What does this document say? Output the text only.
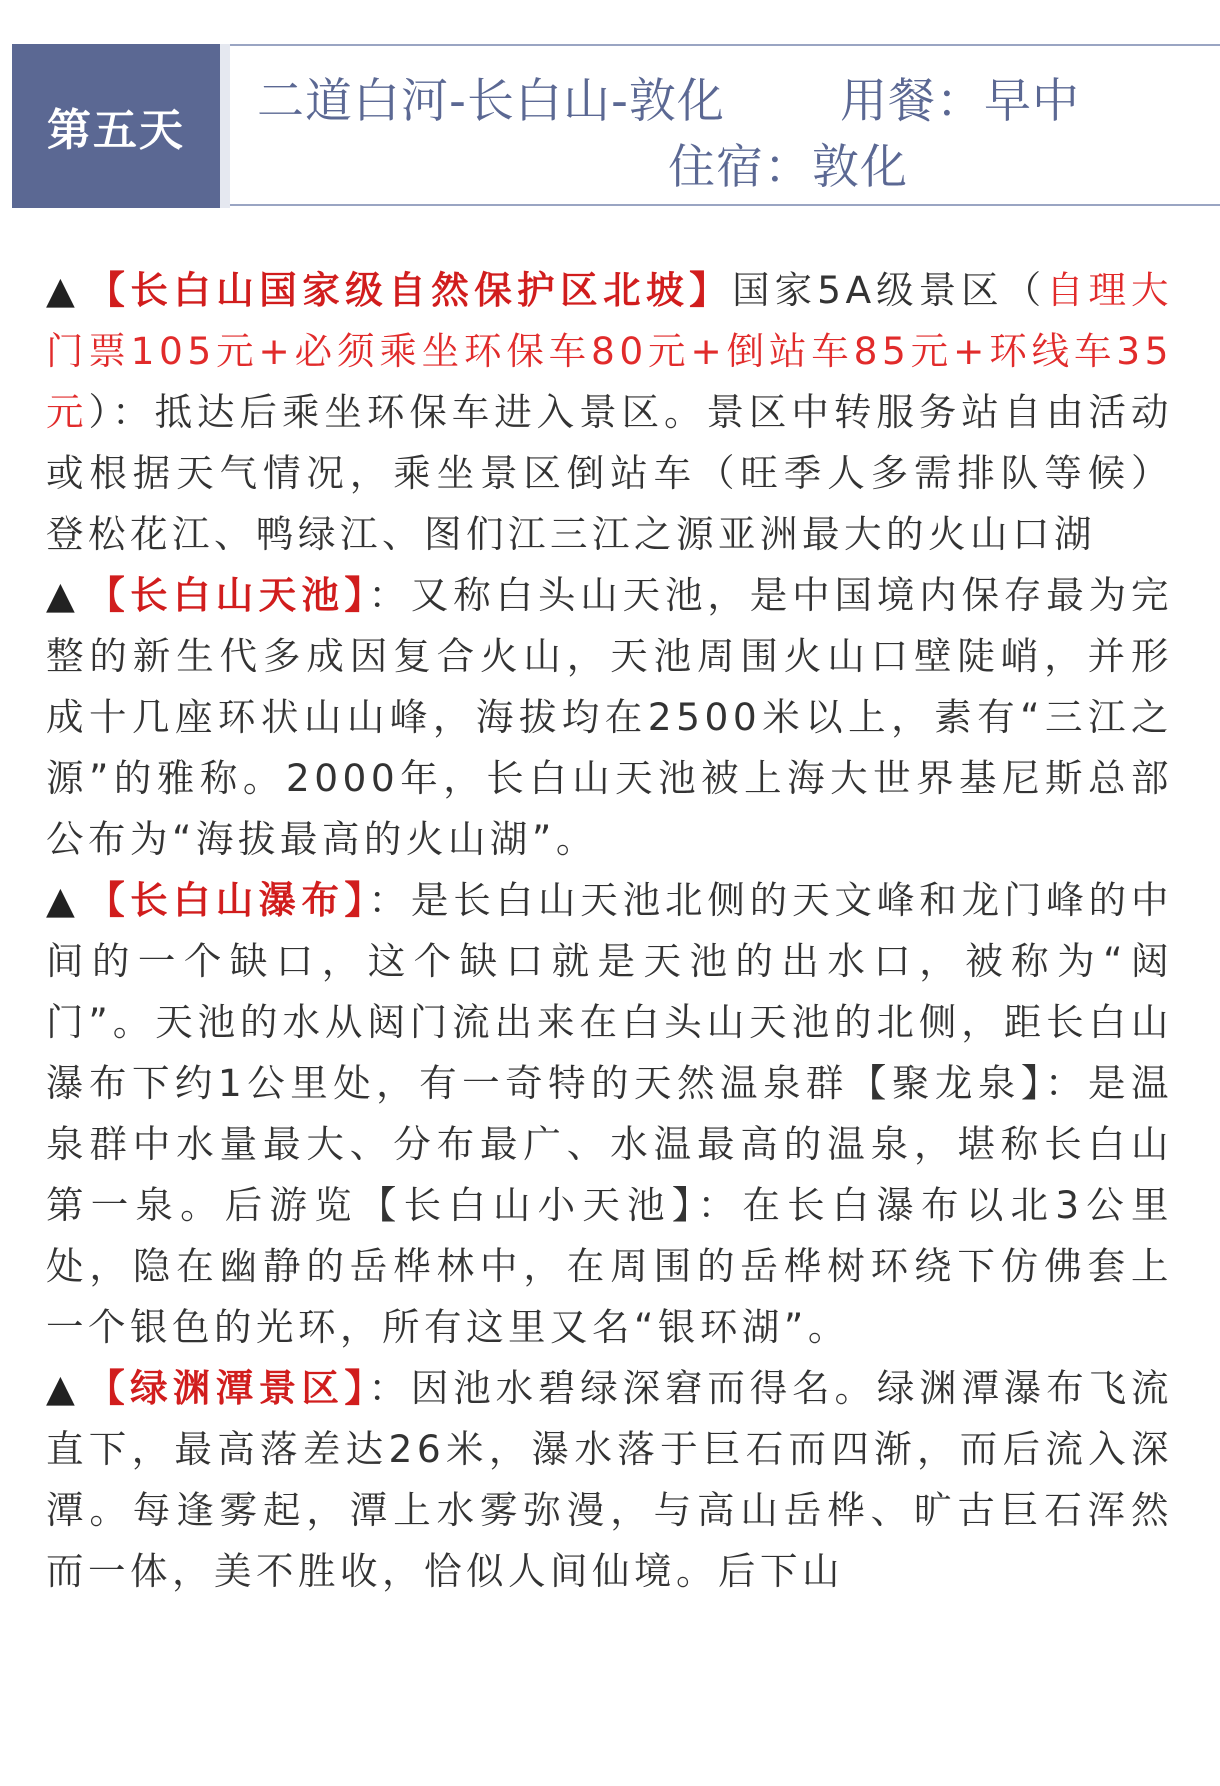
第五天
二道白河-长白山-敦化 用餐：早中
住宿：敦化

▲ 【长白山国家级自然保护区北坡】国家5A级景区（自理大门票105元+必须乘坐环保车80元+倒站车85元+环线车35元）：抵达后乘坐环保车进入景区。景区中转服务站自由活动或根据天气情况，乘坐景区倒站车（旺季人多需排队等候）登松花江、鸭绿江、图们江三江之源亚洲最大的火山口湖

▲ 【长白山天池】：又称白头山天池，是中国境内保存最为完整的新生代多成因复合火山，天池周围火山口壁陡峭，并形成十几座环状山山峰，海拔均在2500米以上，素有“三江之源”的雅称。2000年，长白山天池被上海大世界基尼斯总部公布为“海拔最高的火山湖”。

▲ 【长白山瀑布】：是长白山天池北侧的天文峰和龙门峰的中间的一个缺口，这个缺口就是天池的出水口，被称为“闼门”。天池的水从闼门流出来在白头山天池的北侧，距长白山瀑布下约1公里处，有一奇特的天然温泉群【聚龙泉】：是温泉群中水量最大、分布最广、水温最高的温泉，堪称长白山第一泉。后游览【长白山小天池】：在长白瀑布以北3公里处，隐在幽静的岳桦林中，在周围的岳桦树环绕下仿佛套上一个银色的光环，所有这里又名“银环湖”。

▲ 【绿渊潭景区】：因池水碧绿深窘而得名。绿渊潭瀑布飞流直下，最高落差达26米，瀑水落于巨石而四渐，而后流入深潭。每逢雾起，潭上水雾弥漫，与高山岳桦、旷古巨石浑然而一体，美不胜收，恰似人间仙境。后下山
